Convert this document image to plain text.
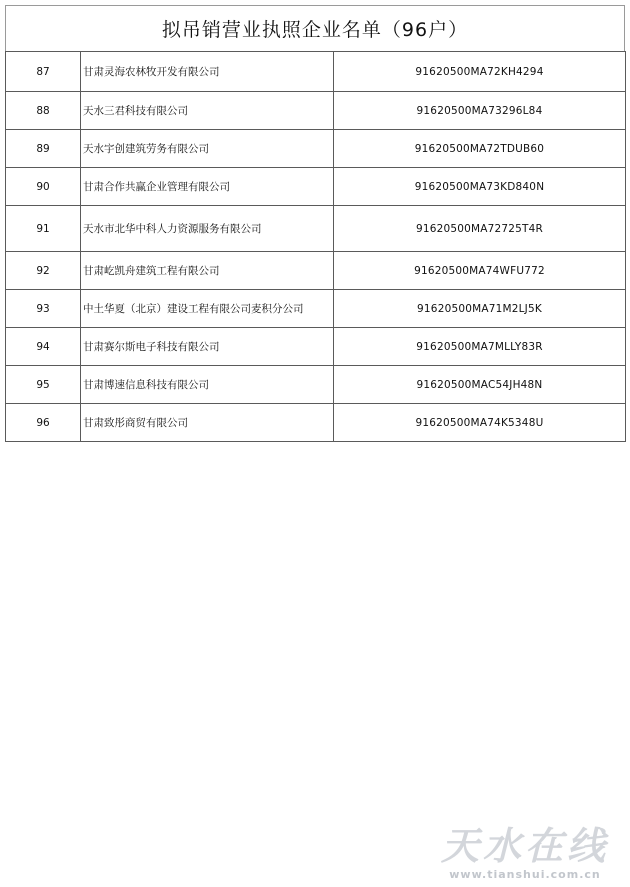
拟吊销营业执照企业名单（96户）
87	甘肃灵海农林牧开发有限公司	91620500MA72KH4294
88	天水三君科技有限公司	91620500MA73296L84
89	天水宇创建筑劳务有限公司	91620500MA72TDUB60
90	甘肃合作共赢企业管理有限公司	91620500MA73KD840N
91	天水市北华中科人力资源服务有限公司	91620500MA72725T4R
92	甘肃屹凯舟建筑工程有限公司	91620500MA74WFU772
93	中土华夏（北京）建设工程有限公司麦积分公司	91620500MA71M2LJ5K
94	甘肃赛尔斯电子科技有限公司	91620500MA7MLLY83R
95	甘肃博速信息科技有限公司	91620500MAC54JH48N
96	甘肃致彤商贸有限公司	91620500MA74K5348U
天水在线
www.tianshui.com.cn
